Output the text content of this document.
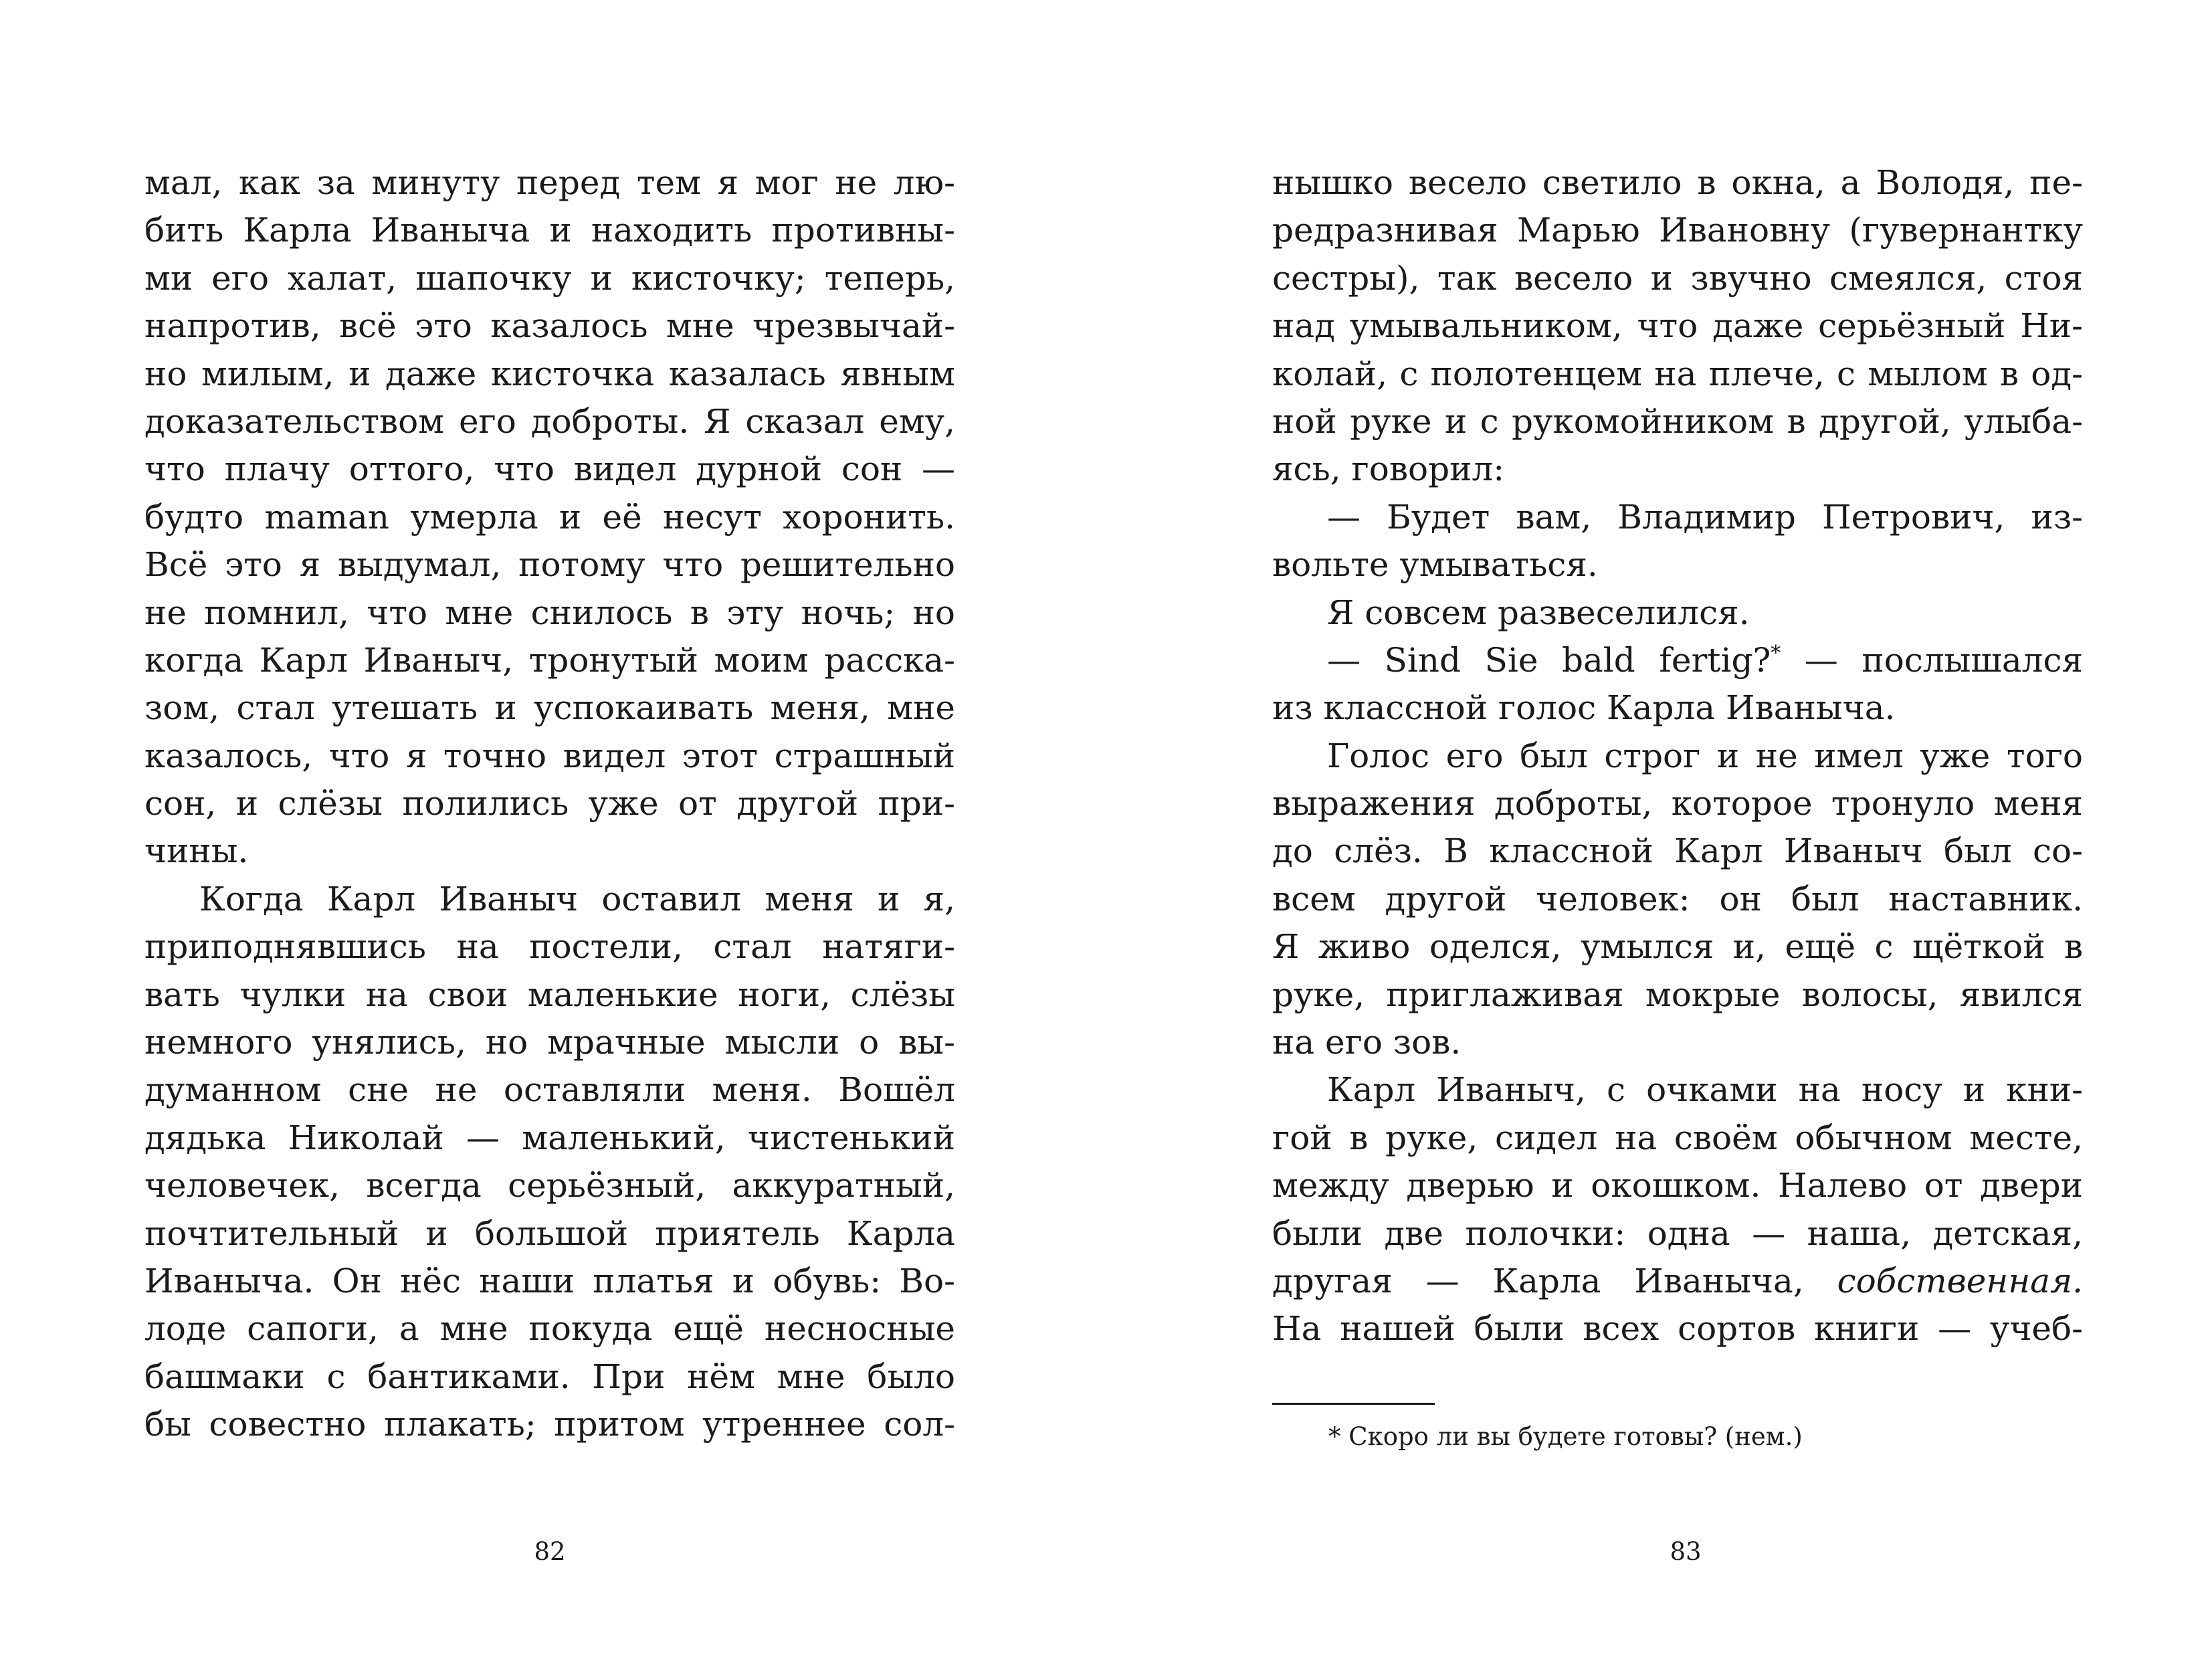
мал, как за минуту перед тем я мог не лю-
бить Карла Иваныча и находить противны-
ми его халат, шапочку и кисточку; теперь,
напротив, всё это казалось мне чрезвычай-
но милым, и даже кисточка казалась явным
доказательством его доброты. Я сказал ему,
что плачу оттого, что видел дурной сон —
будто maman умерла и её несут хоронить.
Всё это я выдумал, потому что решительно
не помнил, что мне снилось в эту ночь; но
когда Карл Иваныч, тронутый моим расска-
зом, стал утешать и успокаивать меня, мне
казалось, что я точно видел этот страшный
сон, и слёзы полились уже от другой при-
чины.
Когда Карл Иваныч оставил меня и я,
приподнявшись на постели, стал натяги-
вать чулки на свои маленькие ноги, слёзы
немного унялись, но мрачные мысли о вы-
думанном сне не оставляли меня. Вошёл
дядька Николай — маленький, чистенький
человечек, всегда серьёзный, аккуратный,
почтительный и большой приятель Карла
Иваныча. Он нёс наши платья и обувь: Во-
лоде сапоги, а мне покуда ещё несносные
башмаки с бантиками. При нём мне было
бы совестно плакать; притом утреннее сол-
82
нышко весело светило в окна, а Володя, пе-
редразнивая Марью Ивановну (гувернантку
сестры), так весело и звучно смеялся, стоя
над умывальником, что даже серьёзный Ни-
колай, с полотенцем на плече, с мылом в од-
ной руке и с рукомойником в другой, улыба-
ясь, говорил:
— Будет вам, Владимир Петрович, из-
вольте умываться.
Я совсем развеселился.
— Sind Sie bald fertig?* — послышался
из классной голос Карла Иваныча.
Голос его был строг и не имел уже того
выражения доброты, которое тронуло меня
до слёз. В классной Карл Иваныч был со-
всем другой человек: он был наставник.
Я живо оделся, умылся и, ещё с щёткой в
руке, приглаживая мокрые волосы, явился
на его зов.
Карл Иваныч, с очками на носу и кни-
гой в руке, сидел на своём обычном месте,
между дверью и окошком. Налево от двери
были две полочки: одна — наша, детская,
другая — Карла Иваныча, собственная.
На нашей были всех сортов книги — учеб-
* Скоро ли вы будете готовы? (нем.)
83
